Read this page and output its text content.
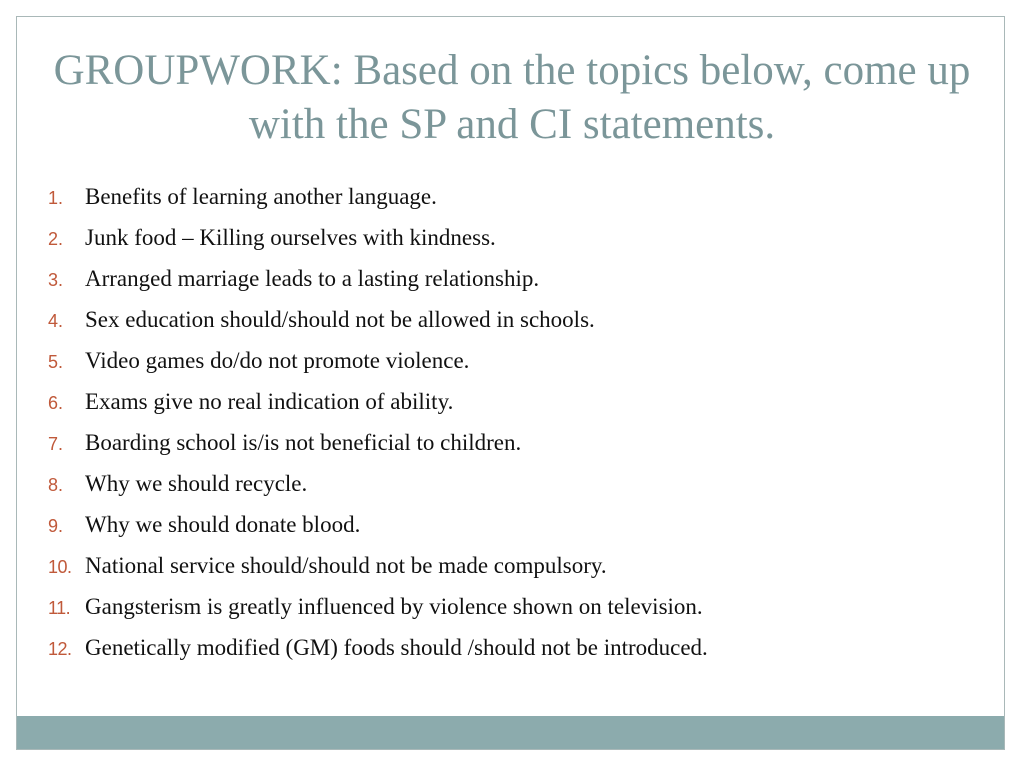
GROUPWORK: Based on the topics below, come up with the SP and CI statements.
1. Benefits of learning another language.
2. Junk food – Killing ourselves with kindness.
3. Arranged marriage leads to a lasting relationship.
4. Sex education should/should not be allowed in schools.
5. Video games do/do not promote violence.
6. Exams give no real indication of ability.
7. Boarding school is/is not beneficial to children.
8. Why we should recycle.
9. Why we should donate blood.
10. National service should/should not be made compulsory.
11. Gangsterism is greatly influenced by violence shown on television.
12. Genetically modified (GM) foods should /should not be introduced.
